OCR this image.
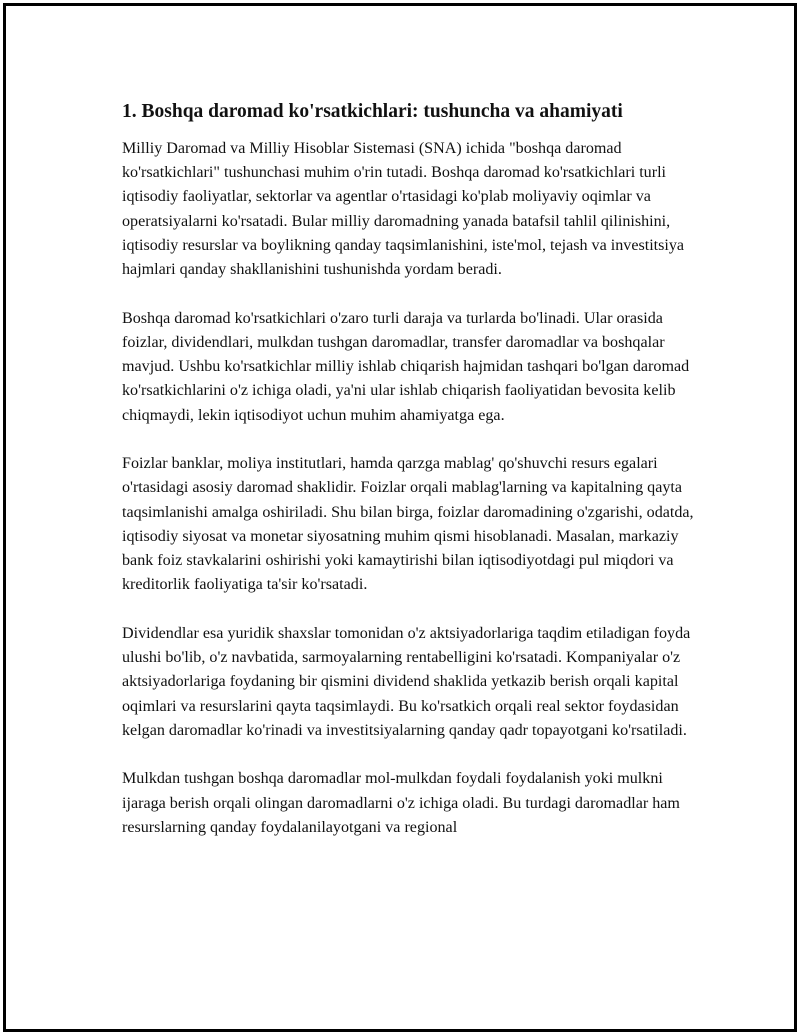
1. Boshqa daromad ko'rsatkichlari: tushuncha va ahamiyati

Milliy Daromad va Milliy Hisoblar Sistemasi (SNA) ichida "boshqa daromad ko'rsatkichlari" tushunchasi muhim o'rin tutadi. Boshqa daromad ko'rsatkichlari turli iqtisodiy faoliyatlar, sektorlar va agentlar o'rtasidagi ko'plab moliyaviy oqimlar va operatsiyalarni ko'rsatadi. Bular milliy daromadning yanada batafsil tahlil qilinishini, iqtisodiy resurslar va boylikning qanday taqsimlanishini, iste'mol, tejash va investitsiya hajmlari qanday shakllanishini tushunishda yordam beradi.

Boshqa daromad ko'rsatkichlari o'zaro turli daraja va turlarda bo'linadi. Ular orasida foizlar, dividendlari, mulkdan tushgan daromadlar, transfer daromadlar va boshqalar mavjud. Ushbu ko'rsatkichlar milliy ishlab chiqarish hajmidan tashqari bo'lgan daromad ko'rsatkichlarini o'z ichiga oladi, ya'ni ular ishlab chiqarish faoliyatidan bevosita kelib chiqmaydi, lekin iqtisodiyot uchun muhim ahamiyatga ega.

Foizlar banklar, moliya institutlari, hamda qarzga mablag' qo'shuvchi resurs egalari o'rtasidagi asosiy daromad shaklidir. Foizlar orqali mablag'larning va kapitalning qayta taqsimlanishi amalga oshiriladi. Shu bilan birga, foizlar daromadining o'zgarishi, odatda, iqtisodiy siyosat va monetar siyosatning muhim qismi hisoblanadi. Masalan, markaziy bank foiz stavkalarini oshirishi yoki kamaytirishi bilan iqtisodiyotdagi pul miqdori va kreditorlik faoliyatiga ta'sir ko'rsatadi.

Dividendlar esa yuridik shaxslar tomonidan o'z aktsiyadorlariga taqdim etiladigan foyda ulushi bo'lib, o'z navbatida, sarmoyalarning rentabelligini ko'rsatadi. Kompaniyalar o'z aktsiyadorlariga foydaning bir qismini dividend shaklida yetkazib berish orqali kapital oqimlari va resurslarini qayta taqsimlaydi. Bu ko'rsatkich orqali real sektor foydasidan kelgan daromadlar ko'rinadi va investitsiyalarning qanday qadr topayotgani ko'rsatiladi.

Mulkdan tushgan boshqa daromadlar mol-mulkdan foydali foydalanish yoki mulkni ijaraga berish orqali olingan daromadlarni o'z ichiga oladi. Bu turdagi daromadlar ham resurslarning qanday foydalanilayotgani va regional
